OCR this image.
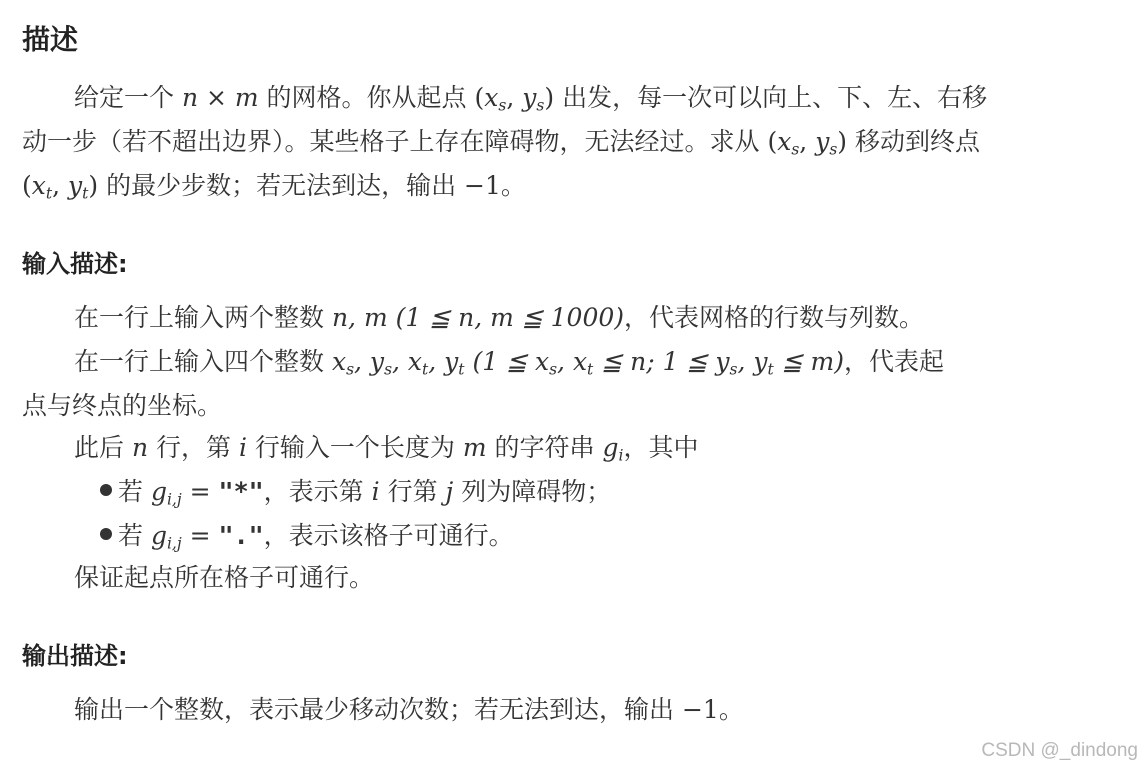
描述
给定一个 n × m 的网格。你从起点 ($x_s$, $y_s$) 出发，每一次可以向上、下、左、右移
动一步（若不超出边界）。某些格子上存在障碍物，无法经过。求从 ($x_s$, $y_s$) 移动到终点
($x_t$, $y_t$) 的最少步数；若无法到达，输出 −1。
输入描述:
在一行上输入两个整数 n, m (1 ≦ n, m ≦ 1000)，代表网格的行数与列数。
在一行上输入四个整数 $x_s$, $y_s$, $x_t$, $y_t$ (1 ≦ $x_s$, $x_t$ ≦ n; 1 ≦ $y_s$, $y_t$ ≦ m)，代表起
点与终点的坐标。
此后 n 行，第 i 行输入一个长度为 m 的字符串 $g_i$，其中
若 $g_{i,j}$ = "*"，表示第 i 行第 j 列为障碍物；
若 $g_{i,j}$ = "."，表示该格子可通行。
保证起点所在格子可通行。
输出描述:
输出一个整数，表示最少移动次数；若无法到达，输出 −1。
CSDN @_dindong
